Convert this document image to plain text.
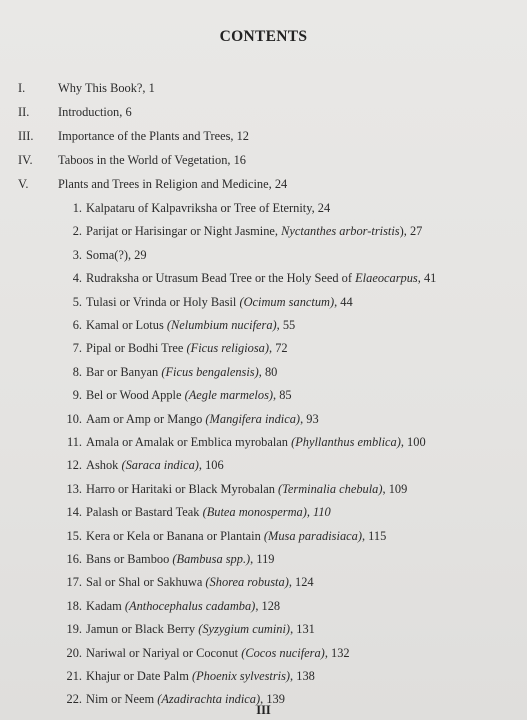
CONTENTS
I.	Why This Book?, 1
II.	Introduction, 6
III.	Importance of the Plants and Trees, 12
IV.	Taboos in the World of Vegetation, 16
V.	Plants and Trees in Religion and Medicine, 24
1. Kalpataru of Kalpavriksha or Tree of Eternity, 24
2. Parijat or Harisingar or Night Jasmine, Nyctanthes arbor-tristis), 27
3. Soma(?), 29
4. Rudraksha or Utrasum Bead Tree or the Holy Seed of Elaeocarpus, 41
5. Tulasi or Vrinda or Holy Basil (Ocimum sanctum), 44
6. Kamal or Lotus (Nelumbium nucifera), 55
7. Pipal or Bodhi Tree (Ficus religiosa), 72
8. Bar or Banyan (Ficus bengalensis), 80
9. Bel or Wood Apple (Aegle marmelos), 85
10. Aam or Amp or Mango (Mangifera indica), 93
11. Amala or Amalak or Emblica myrobalan (Phyllanthus emblica), 100
12. Ashok (Saraca indica), 106
13. Harro or Haritaki or Black Myrobalan (Terminalia chebula), 109
14. Palash or Bastard Teak (Butea monosperma), 110
15. Kera or Kela or Banana or Plantain (Musa paradisiaca), 115
16. Bans or Bamboo (Bambusa spp.), 119
17. Sal or Shal or Sakhuwa (Shorea robusta), 124
18. Kadam (Anthocephalus cadamba), 128
19. Jamun or Black Berry (Syzygium cumini), 131
20. Nariwal or Nariyal or Coconut (Cocos nucifera), 132
21. Khajur or Date Palm (Phoenix sylvestris), 138
22. Nim or Neem (Azadirachta indica), 139
III
